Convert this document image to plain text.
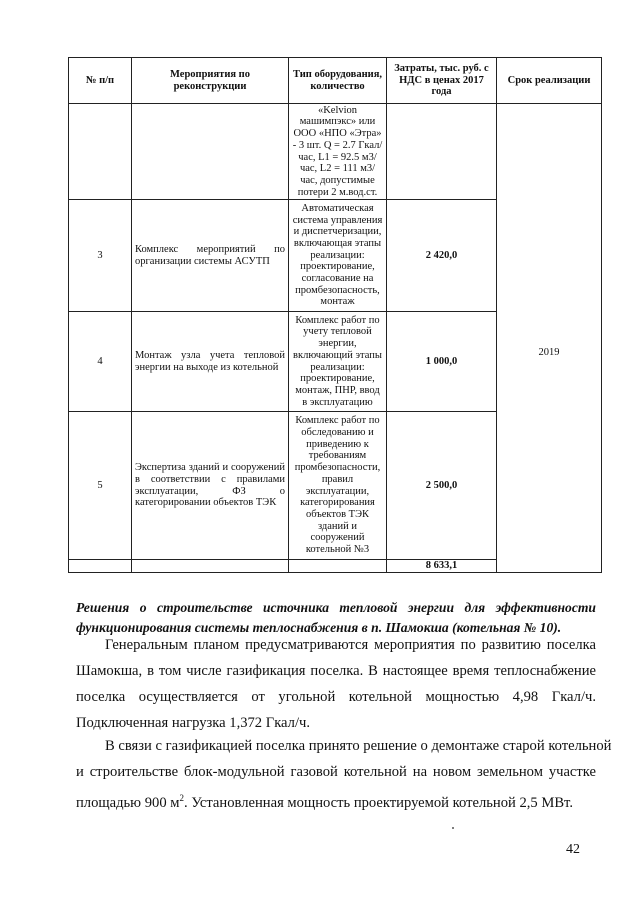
№ п/п	Мероприятия по реконструкции	Тип оборудования, количество	Затраты, тыс. руб. с НДС в ценах 2017 года	Срок реализации
		«Kelvion машимпэкс» или ООО «НПО «Этра» - 3 шт. Q = 2.7 Гкал/час, L1 = 92.5 м3/час, L2 = 111 м3/час, допустимые потери 2 м.вод.ст.		2019
3	Комплекс мероприятий по организации системы АСУТП	Автоматическая система управления и диспетчеризации, включающая этапы реализации: проектирование, согласование на промбезопасность, монтаж	2 420,0	
4	Монтаж узла учета тепловой энергии на выходе из котельной	Комплекс работ по учету тепловой энергии, включающий этапы реализации: проектирование, монтаж, ПНР, ввод в эксплуатацию	1 000,0	
5	Экспертиза зданий и сооружений в соответствии с правилами эксплуатации, ФЗ о категорировании объектов ТЭК	Комплекс работ по обследованию и приведению к требованиям промбезопасности, правил эксплуатации, категорирования объектов ТЭК зданий и сооружений котельной №3	2 500,0	
			8 633,1	
Решения о строительстве источника тепловой энергии для эффективности
функционирования системы теплоснабжения в п. Шамокша (котельная № 10).
Генеральным планом предусматриваются мероприятия по развитию поселка
Шамокша, в том числе газификация поселка. В настоящее время теплоснабжение
поселка осуществляется от угольной котельной мощностью 4,98 Гкал/ч.
Подключенная нагрузка 1,372 Гкал/ч.
В связи с газификацией поселка принято решение о демонтаже старой котельной
и строительстве блок-модульной газовой котельной на новом земельном участке
площадью 900 $м^2$. Установленная мощность проектируемой котельной 2,5 МВт.
42
